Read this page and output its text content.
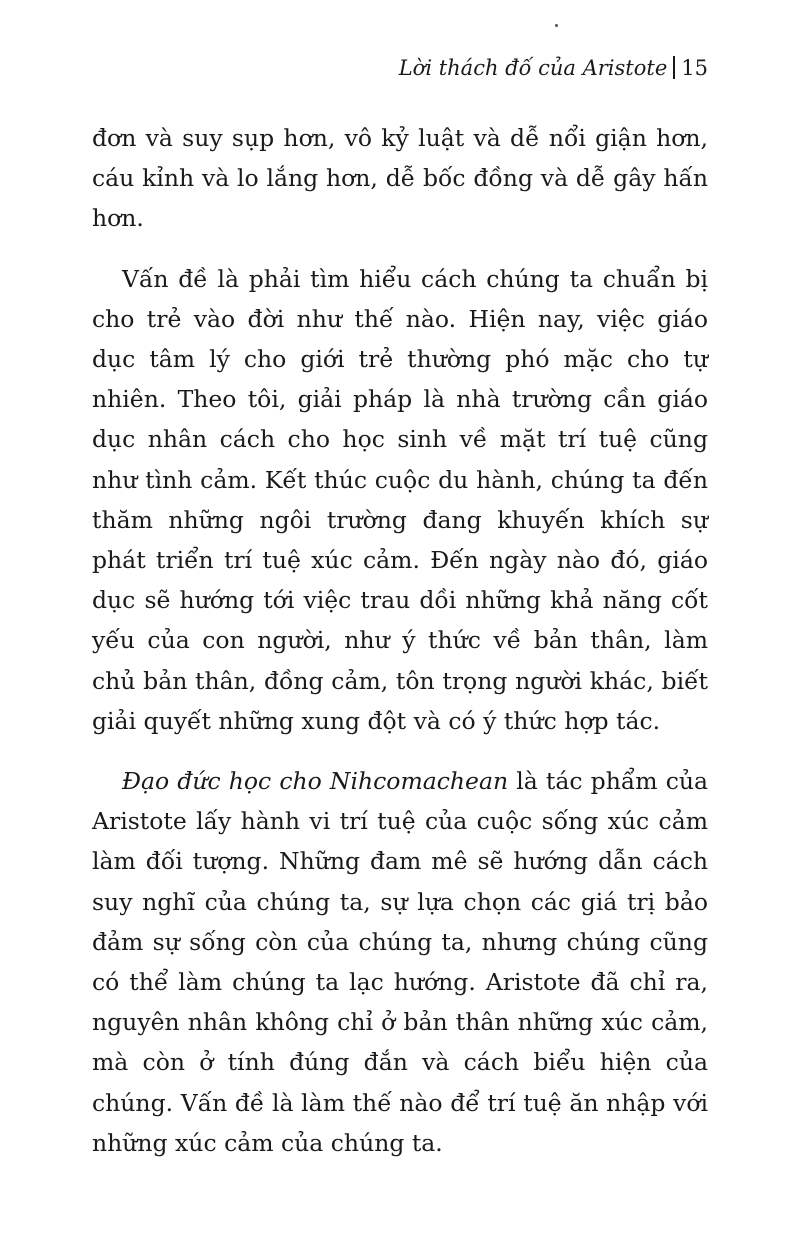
Lời thách đố của Aristote 15

đơn và suy sụp hơn, vô kỷ luật và dễ nổi giận hơn, cáu kỉnh và lo lắng hơn, dễ bốc đồng và dễ gây hấn hơn.

Vấn đề là phải tìm hiểu cách chúng ta chuẩn bị cho trẻ vào đời như thế nào. Hiện nay, việc giáo dục tâm lý cho giới trẻ thường phó mặc cho tự nhiên. Theo tôi, giải pháp là nhà trường cần giáo dục nhân cách cho học sinh về mặt trí tuệ cũng như tình cảm. Kết thúc cuộc du hành, chúng ta đến thăm những ngôi trường đang khuyến khích sự phát triển trí tuệ xúc cảm. Đến ngày nào đó, giáo dục sẽ hướng tới việc trau dồi những khả năng cốt yếu của con người, như ý thức về bản thân, làm chủ bản thân, đồng cảm, tôn trọng người khác, biết giải quyết những xung đột và có ý thức hợp tác.

Đạo đức học cho Nihcomachean là tác phẩm của Aristote lấy hành vi trí tuệ của cuộc sống xúc cảm làm đối tượng. Những đam mê sẽ hướng dẫn cách suy nghĩ của chúng ta, sự lựa chọn các giá trị bảo đảm sự sống còn của chúng ta, nhưng chúng cũng có thể làm chúng ta lạc hướng. Aristote đã chỉ ra, nguyên nhân không chỉ ở bản thân những xúc cảm, mà còn ở tính đúng đắn và cách biểu hiện của chúng. Vấn đề là làm thế nào để trí tuệ ăn nhập với những xúc cảm của chúng ta.
